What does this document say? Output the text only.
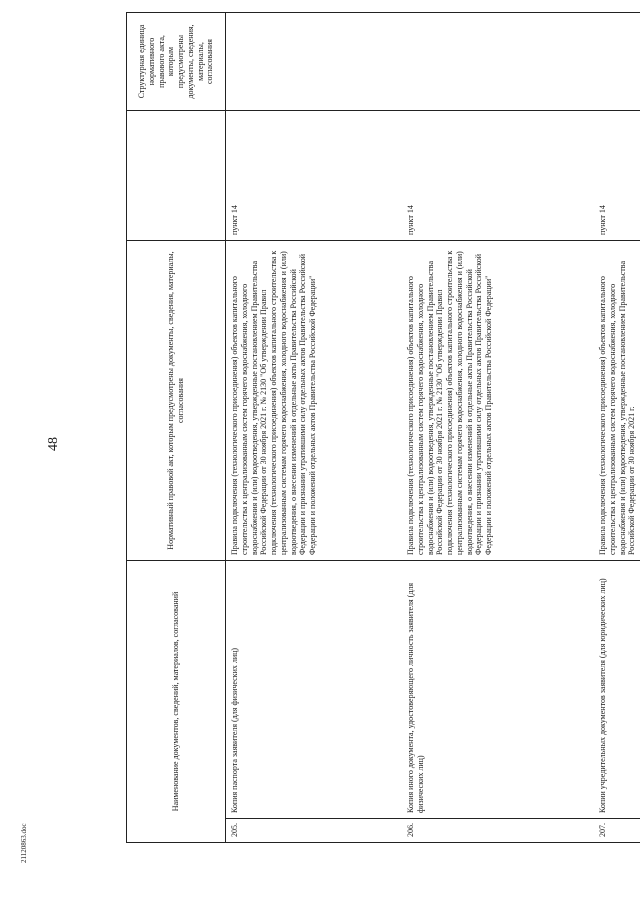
48
Наименование документов, сведений, материалов, согласований		Нормативный правовой акт, которым предусмотрены документы, сведения, материалы, согласования		Структурная единица нормативного правового акта, которым предусмотрены документы, сведения, материалы, согласования
205.	Копия паспорта заявителя (для физических лиц)	Правила подключения (технологического присоединения) объектов капитального строительства к централизованным систем горячего водоснабжения, холодного водоснабжения и (или) водоотведения, утвержденные постановлением Правительства Российской Федерации от 30 ноября 2021 г. № 2130 "Об утверждении Правил подключения (технологического присоединения) объектов капитального строительства к централизованным системам горячего водоснабжения, холодного водоснабжения и (или) водоотведения, о внесении изменений в отдельные акты Правительства Российской Федерации и признании утратившими силу отдельных актов Правительства Российской Федерации и положений отдельных актов Правительства Российской Федерации"	пункт 14	
206.	Копия иного документа, удостоверяющего личность заявителя (для физических лиц)	Правила подключения (технологического присоединения) объектов капитального строительства к централизованным систем горячего водоснабжения, холодного водоснабжения и (или) водоотведения, утвержденные постановлением Правительства Российской Федерации от 30 ноября 2021 г. № 2130 "Об утверждении Правил подключения (технологического присоединения) объектов капитального строительства к централизованным системам горячего водоснабжения, холодного водоснабжения и (или) водоотведения, о внесении изменений в отдельные акты Правительства Российской Федерации и признании утратившими силу отдельных актов Правительства Российской Федерации и положений отдельных актов Правительства Российской Федерации"	пункт 14	
207.	Копии учредительных документов заявителя (для юридических лиц)	Правила подключения (технологического присоединения) объектов капитального строительства к централизованным систем горячего водоснабжения, холодного водоснабжения и (или) водоотведения, утвержденные постановлением Правительства Российской Федерации от 30 ноября 2021 г.	пункт 14	
21120863.doc
